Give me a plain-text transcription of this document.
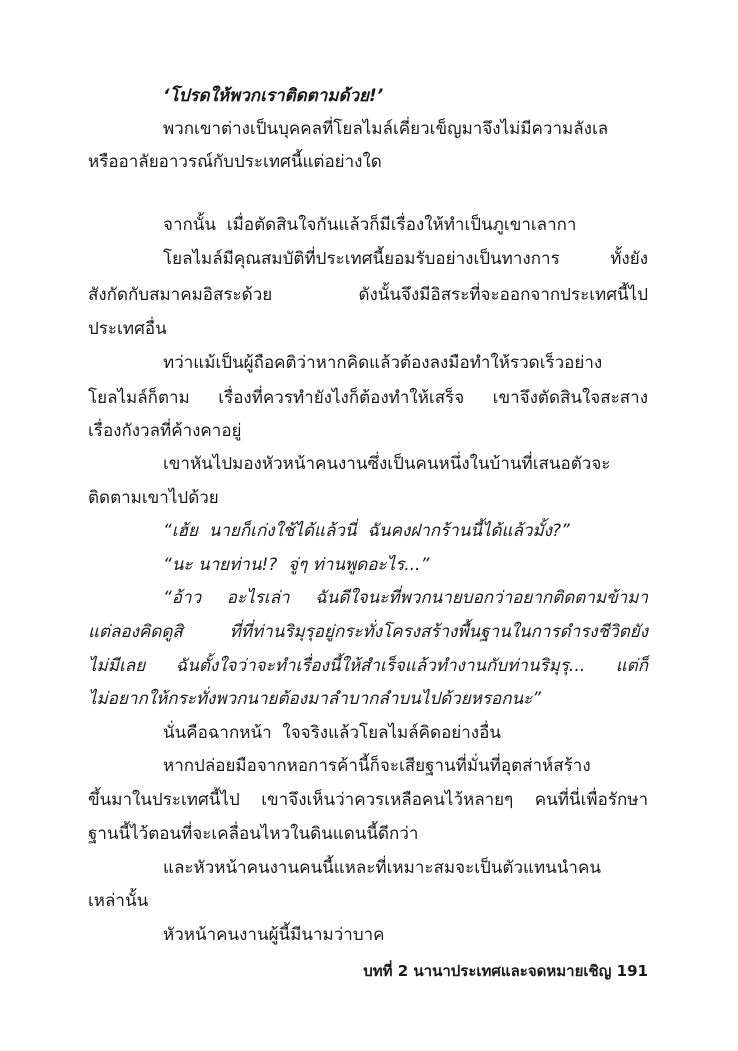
‘โปรดให้พวกเราติดตามด้วย!’
พวกเขาต่างเป็นบุคคลที่โยลไมล์เคี่ยวเข็ญมาจึงไม่มีความลังเล
หรืออาลัยอาวรณ์กับประเทศนี้แต่อย่างใด
จากนั้น  เมื่อตัดสินใจกันแล้วก็มีเรื่องให้ทำเป็นภูเขาเลากา
โยลไมล์มีคุณสมบัติที่ประเทศนี้ยอมรับอย่างเป็นทางการ ทั้งยัง
สังกัดกับสมาคมอิสระด้วย  ดังนั้นจึงมีอิสระที่จะออกจากประเทศนี้ไป
ประเทศอื่น
ทว่าแม้เป็นผู้ถือคติว่าหากคิดแล้วต้องลงมือทำให้รวดเร็วอย่าง
โยลไมล์ก็ตาม เรื่องที่ควรทำยังไงก็ต้องทำให้เสร็จ เขาจึงตัดสินใจสะสาง
เรื่องกังวลที่ค้างคาอยู่
เขาหันไปมองหัวหน้าคนงานซึ่งเป็นคนหนึ่งในบ้านที่เสนอตัวจะ
ติดตามเขาไปด้วย
“เฮ้ย  นายก็เก่งใช้ได้แล้วนี่  ฉันคงฝากร้านนี้ได้แล้วมั้ง?”
“นะ นายท่าน!?  จู่ๆ ท่านพูดอะไร...”
“อ้าว อะไรเล่า ฉันดีใจนะที่พวกนายบอกว่าอยากติดตามข้ามา
แต่ลองคิดดูสิ ที่ที่ท่านริมุรุอยู่กระทั่งโครงสร้างพื้นฐานในการดำรงชีวิตยัง
ไม่มีเลย  ฉันตั้งใจว่าจะทำเรื่องนี้ให้สำเร็จแล้วทำงานกับท่านริมุรุ...  แต่ก็
ไม่อยากให้กระทั่งพวกนายต้องมาลำบากลำบนไปด้วยหรอกนะ”
นั่นคือฉากหน้า  ใจจริงแล้วโยลไมล์คิดอย่างอื่น
หากปล่อยมือจากหอการค้านี้ก็จะเสียฐานที่มั่นที่อุตส่าห์สร้าง
ขึ้นมาในประเทศนี้ไป เขาจึงเห็นว่าควรเหลือคนไว้หลายๆ คนที่นี่เพื่อรักษา
ฐานนี้ไว้ตอนที่จะเคลื่อนไหวในดินแดนนี้ดีกว่า
และหัวหน้าคนงานคนนี้แหละที่เหมาะสมจะเป็นตัวแทนนำคน
เหล่านั้น
หัวหน้าคนงานผู้นี้มีนามว่าบาค
บทที่ 2 นานาประเทศและจดหมายเชิญ 191
